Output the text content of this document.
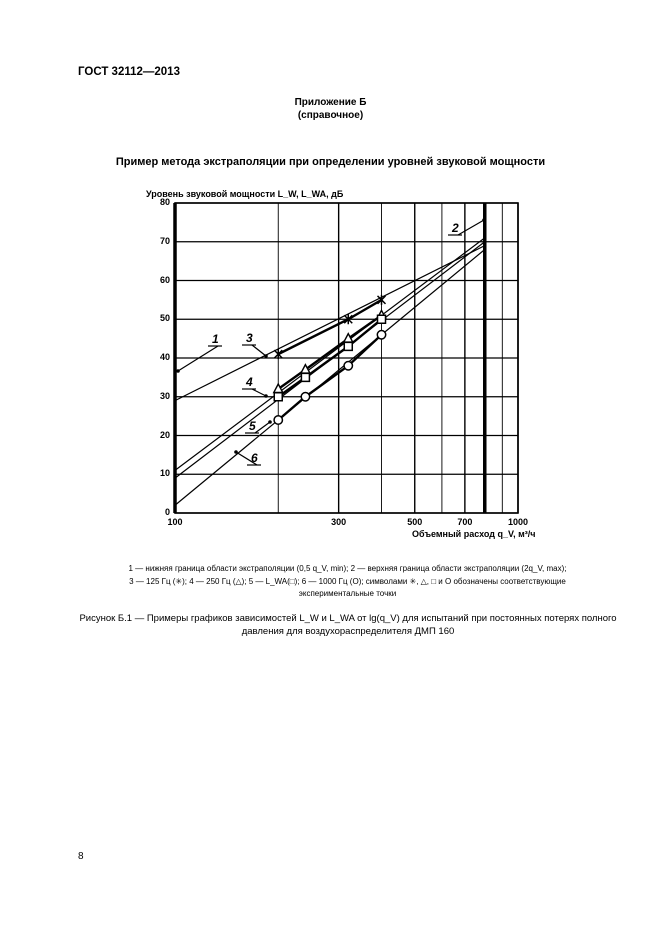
ГОСТ 32112—2013
Приложение Б
(справочное)
Пример метода экстраполяции при определении уровней звуковой мощности
Уровень звуковой мощности L_W, L_WA, дБ
Объемный расход q_V, м³/ч
0
10
20
30
40
50
60
70
80
100	300	500	700	1000
1
2
3
4
5
6
1 — нижняя граница области экстраполяции (0,5 q_V, min); 2 — верхняя граница области экстраполяции (2q_V, max);
3 — 125 Гц (✳); 4 — 250 Гц (△); 5 — L_WA(□); 6 — 1000 Гц (О); символами ✳, △, □ и О обозначены соответствующие
экспериментальные точки
Рисунок Б.1 — Примеры графиков зависимостей L_W и L_WA от lg(q_V) для испытаний при постоянных потерях полного
давления для воздухораспределителя ДМП 160
8
